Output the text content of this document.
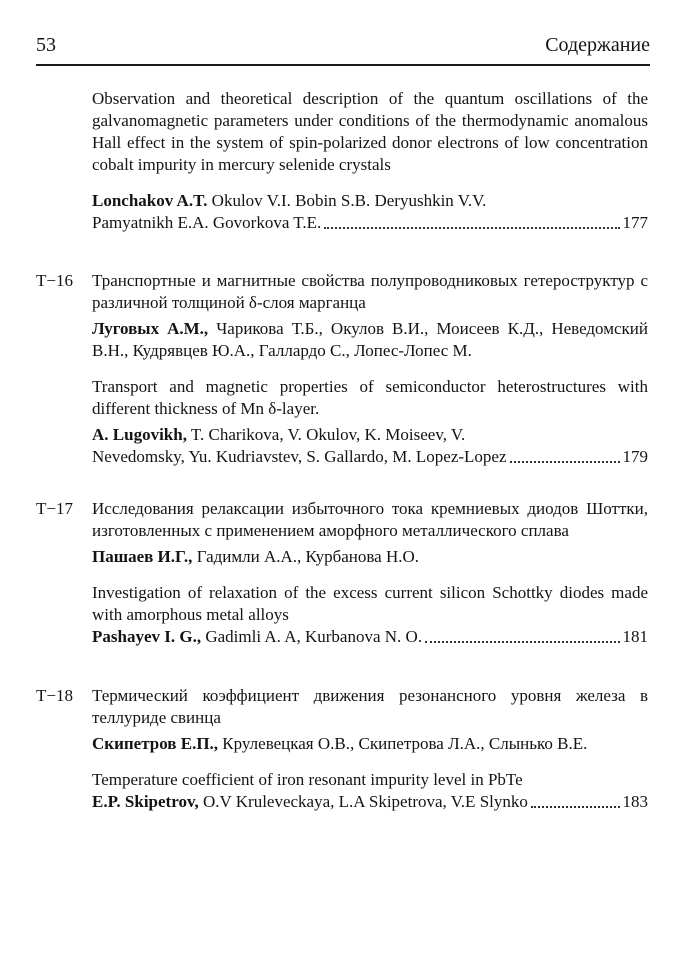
53	Содержание

Observation and theoretical description of the quantum oscillations of the galvanomagnetic parameters under conditions of the thermodynamic anomalous Hall effect in the system of spin-polarized donor electrons of low concentration cobalt impurity in mercury selenide crystals

Lonchakov A.T. Okulov V.I. Bobin S.B. Deryushkin V.V.

Pamyatnikh E.A. Govorkova T.E.	177
T−16	Транспортные и магнитные свойства полупроводниковых гетероструктур с различной толщиной δ-слоя марганца

Луговых А.М., Чарикова Т.Б., Окулов В.И., Моисеев К.Д., Неведомский В.Н., Кудрявцев Ю.А., Галлардо С., Лопес-Лопес М.

Transport and magnetic properties of semiconductor heterostructures with different thickness of Mn δ-layer.

A. Lugovikh, T. Charikova, V. Okulov, K. Moiseev, V.

Nevedomsky, Yu. Kudriavstev, S. Gallardo, M. Lopez-Lopez	179
T−17	Исследования релаксации избыточного тока кремниевых диодов Шоттки, изготовленных с применением аморфного металлического сплава

Пашаев И.Г., Гадимли А.А., Курбанова Н.О.

Investigation of relaxation of the excess current silicon Schottky diodes made with amorphous metal alloys

Pashayev I. G., Gadimli A. A, Kurbanova N. O.	181
T−18	Термический коэффициент движения резонансного уровня железа в теллуриде свинца

Скипетров Е.П., Крулевецкая О.В., Скипетрова Л.А., Слынько В.Е.

Temperature coefficient of iron resonant impurity level in PbTe

E.P. Skipetrov, O.V Kruleveckaya, L.A Skipetrova, V.E Slynko	183
